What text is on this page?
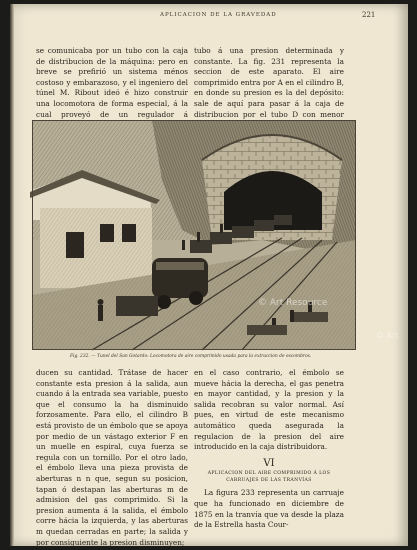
APLICACION DE LA GRAVEDAD	221

se comunicaba por un tubo con la caja de distribucion de la máquina: pero en breve se prefirió un sistema ménos costoso y embarazoso, y el ingeniero del túnel M. Ribout ideó é hizo construir una locomotora de forma especial, á la cual proveyó de un regulador á

tubo á una presion determinada y constante. La fig. 231 representa la seccion de este aparato. El aire comprimido entra por A en el cilindro B, en donde su presion es la del depósito: sale de aquí para pasar á la caja de distribucion por el tubo D con menor

© Art Resource
Fig. 232. — Tunel del San Gotardo: Locomotora de aire comprimido usada para la extraccion de escombros.
© Art

ducen su cantidad. Trátase de hacer constante esta presion á la salida, aun cuando á la entrada sea variable, puesto que el consumo la ha disminuido forzosamente. Para ello, el cilindro B está provisto de un émbolo que se apoya por medio de un vástago exterior F en un muelle en espiral, cuya fuerza se regula con un tornillo. Por el otro lado, el émbolo lleva una pieza provista de aberturas n n que, segun su posicion, tapan ó destapan las aberturas m de admision del gas comprimido. Si la presion aumenta á la salida, el émbolo corre hácia la izquierda, y las aberturas m quedan cerradas en parte; la salida y por consiguiente la presion disminuyen;

en el caso contrario, el émbolo se mueve hácia la derecha, el gas penetra en mayor cantidad, y la presion y la salida recobran su valor normal. Así pues, en virtud de este mecanismo automático queda asegurada la regulacion de la presion del aire introducido en la caja distribuidora.

VI
APLICACION DEL AIRE COMPRIMIDO Á LOS CARRUAJES DE LAS TRANVÍAS

La figura 233 representa un carruaje que ha funcionado en diciembre de 1875 en la tranvía que va desde la plaza de la Estrella hasta Cour-
